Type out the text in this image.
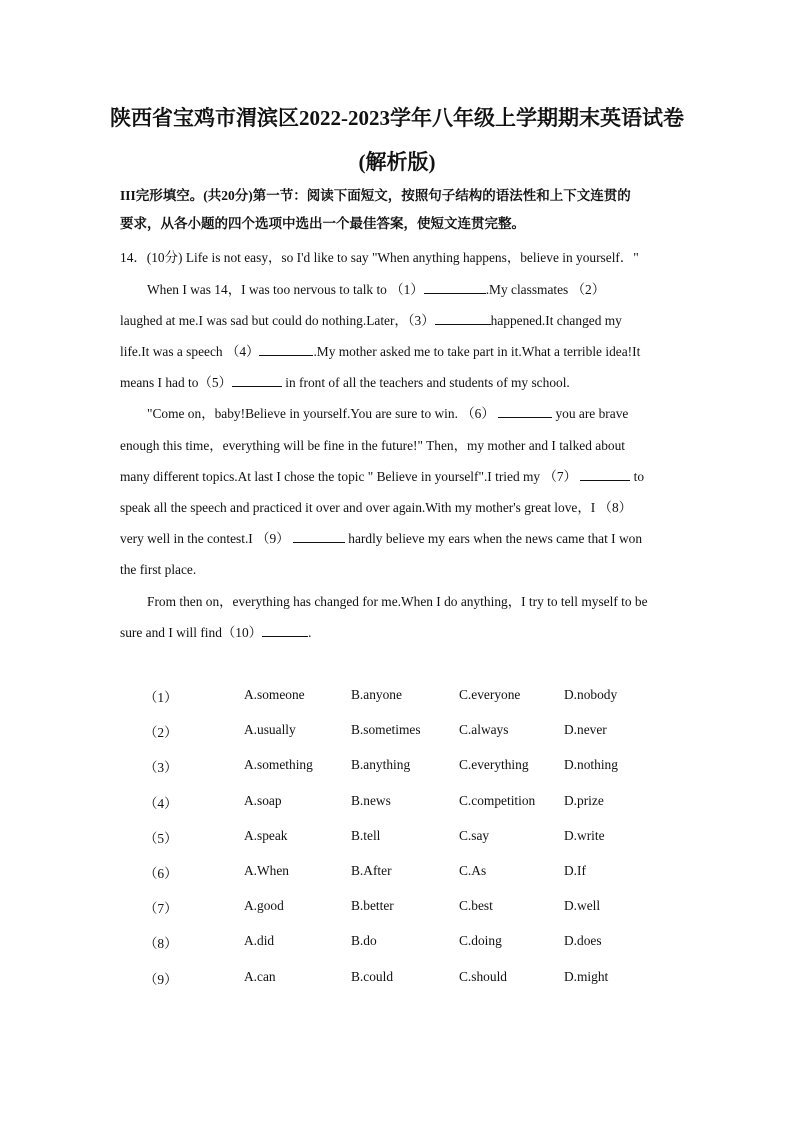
陕西省宝鸡市渭滨区2022-2023学年八年级上学期期末英语试卷
(解析版)
III完形填空。(共20分)第一节：阅读下面短文，按照句子结构的语法性和上下文连贯的
要求，从各小题的四个选项中选出一个最佳答案，使短文连贯完整。
14．(10分) Life is not easy，so I'd like to say "When anything happens，believe in yourself．"
When I was 14，I was too nervous to talk to （1）	.My classmates （2）
laughed at me.I was sad but could do nothing.Later，（3）	happened.It changed my
life.It was a speech （4）	.My mother asked me to take part in it.What a terrible idea!It
means I had to（5）	in front of all the teachers and students of my school.
"Come on，baby!Believe in yourself.You are sure to win. （6）	you are brave
enough this time，everything will be fine in the future!" Then，my mother and I talked about
many different topics.At last I chose the topic " Believe in yourself".I tried my （7）	to
speak all the speech and practiced it over and over again.With my mother's great love，I （8）
very well in the contest.I （9）	hardly believe my ears when the news came that I won
the first place.
From then on，everything has changed for me.When I do anything，I try to tell myself to be
sure and I will find（10）	.
（1）	A.someone	B.anyone	C.everyone	D.nobody
（2）	A.usually	B.sometimes	C.always	D.never
（3）	A.something	B.anything	C.everything	D.nothing
（4）	A.soap	B.news	C.competition D.prize
（5）	A.speak	B.tell	C.say	D.write
（6）	A.When	B.After	C.As	D.If
（7）	A.good	B.better	C.best	D.well
（8）	A.did	B.do	C.doing	D.does
（9）	A.can	B.could	C.should	D.might
